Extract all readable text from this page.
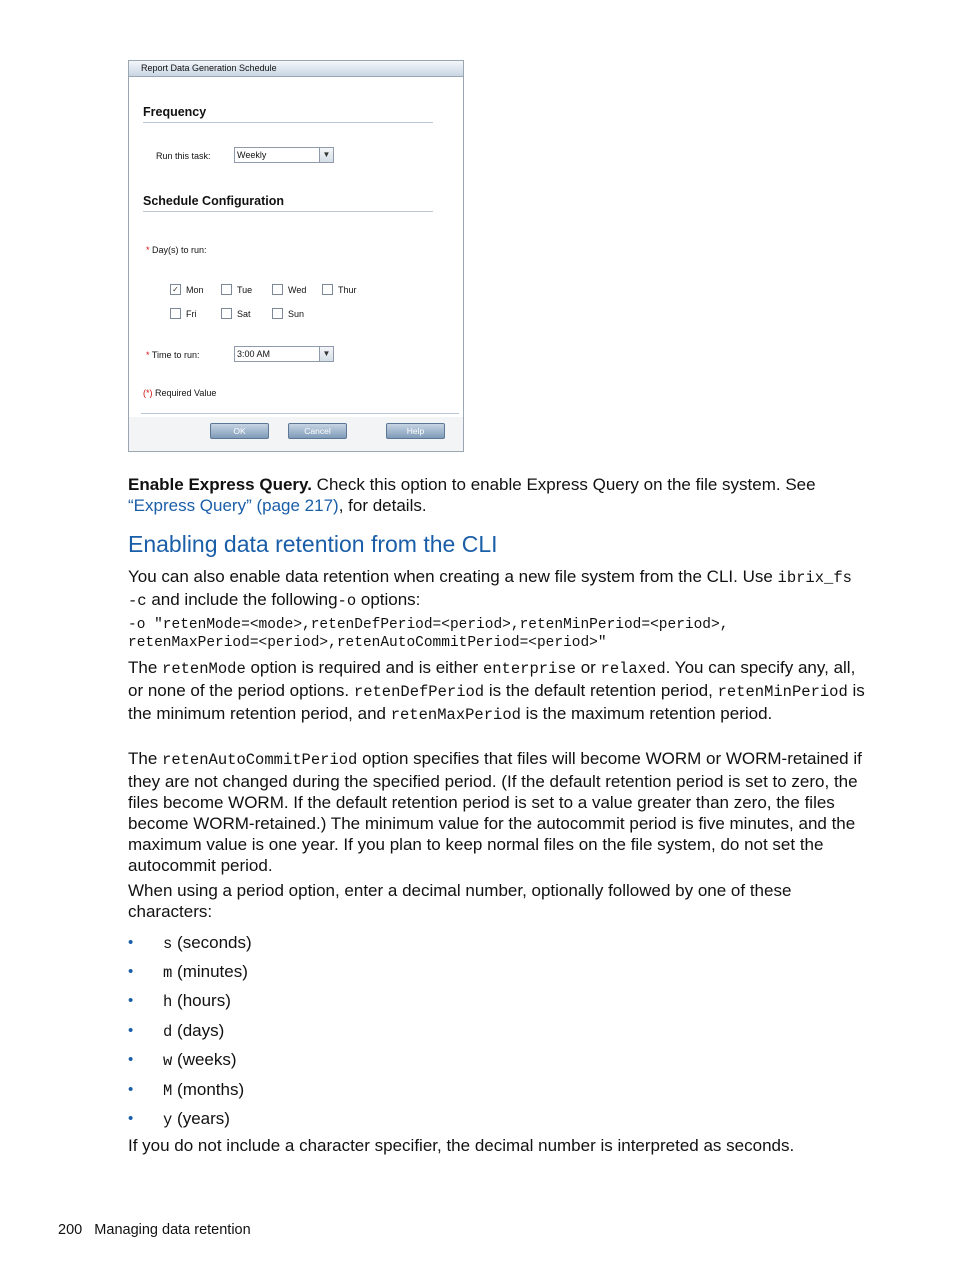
Report Data Generation Schedule
Frequency
Run this task:	Weekly	▼
Schedule Configuration
* Day(s) to run:
✓ Mon	Tue	Wed	Thur
Fri	Sat	Sun
* Time to run:	3:00 AM	▼
(*) Required Value
OK	Cancel	Help
Enable Express Query. Check this option to enable Express Query on the file system. See “Express Query” (page 217), for details.
Enabling data retention from the CLI
You can also enable data retention when creating a new file system from the CLI. Use ibrix_fs -c and include the following-o options:
-o "retenMode=<mode>,retenDefPeriod=<period>,retenMinPeriod=<period>,
retenMaxPeriod=<period>,retenAutoCommitPeriod=<period>"
The retenMode option is required and is either enterprise or relaxed. You can specify any, all, or none of the period options. retenDefPeriod is the default retention period, retenMinPeriod is the minimum retention period, and retenMaxPeriod is the maximum retention period.
The retenAutoCommitPeriod option specifies that files will become WORM or WORM-retained if they are not changed during the specified period. (If the default retention period is set to zero, the files become WORM. If the default retention period is set to a value greater than zero, the files become WORM-retained.) The minimum value for the autocommit period is five minutes, and the maximum value is one year. If you plan to keep normal files on the file system, do not set the autocommit period.
When using a period option, enter a decimal number, optionally followed by one of these characters:
• s (seconds)
• m (minutes)
• h (hours)
• d (days)
• w (weeks)
• M (months)
• y (years)
If you do not include a character specifier, the decimal number is interpreted as seconds.
200 Managing data retention
